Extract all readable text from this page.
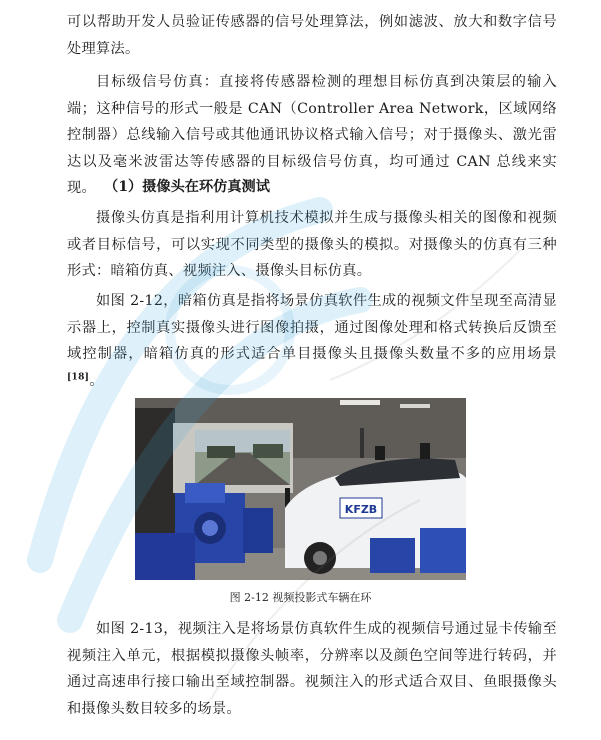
可以帮助开发人员验证传感器的信号处理算法，例如滤波、放大和数字信号处理算法。

目标级信号仿真：直接将传感器检测的理想目标仿真到决策层的输入端；这种信号的形式一般是 CAN（Controller Area Network，区域网络控制器）总线输入信号或其他通讯协议格式输入信号；对于摄像头、激光雷达以及毫米波雷达等传感器的目标级信号仿真，均可通过 CAN 总线来实现。 （1）摄像头在环仿真测试

摄像头仿真是指利用计算机技术模拟并生成与摄像头相关的图像和视频或者目标信号，可以实现不同类型的摄像头的模拟。对摄像头的仿真有三种形式：暗箱仿真、视频注入、摄像头目标仿真。

如图 2-12，暗箱仿真是指将场景仿真软件生成的视频文件呈现至高清显示器上，控制真实摄像头进行图像拍摄，通过图像处理和格式转换后反馈至域控制器，暗箱仿真的形式适合单目摄像头且摄像头数量不多的应用场景[18]。

KFZB

图 2-12 视频投影式车辆在环

如图 2-13，视频注入是将场景仿真软件生成的视频信号通过显卡传输至视频注入单元，根据模拟摄像头帧率，分辨率以及颜色空间等进行转码，并通过高速串行接口输出至域控制器。视频注入的形式适合双目、鱼眼摄像头和摄像头数目较多的场景。
